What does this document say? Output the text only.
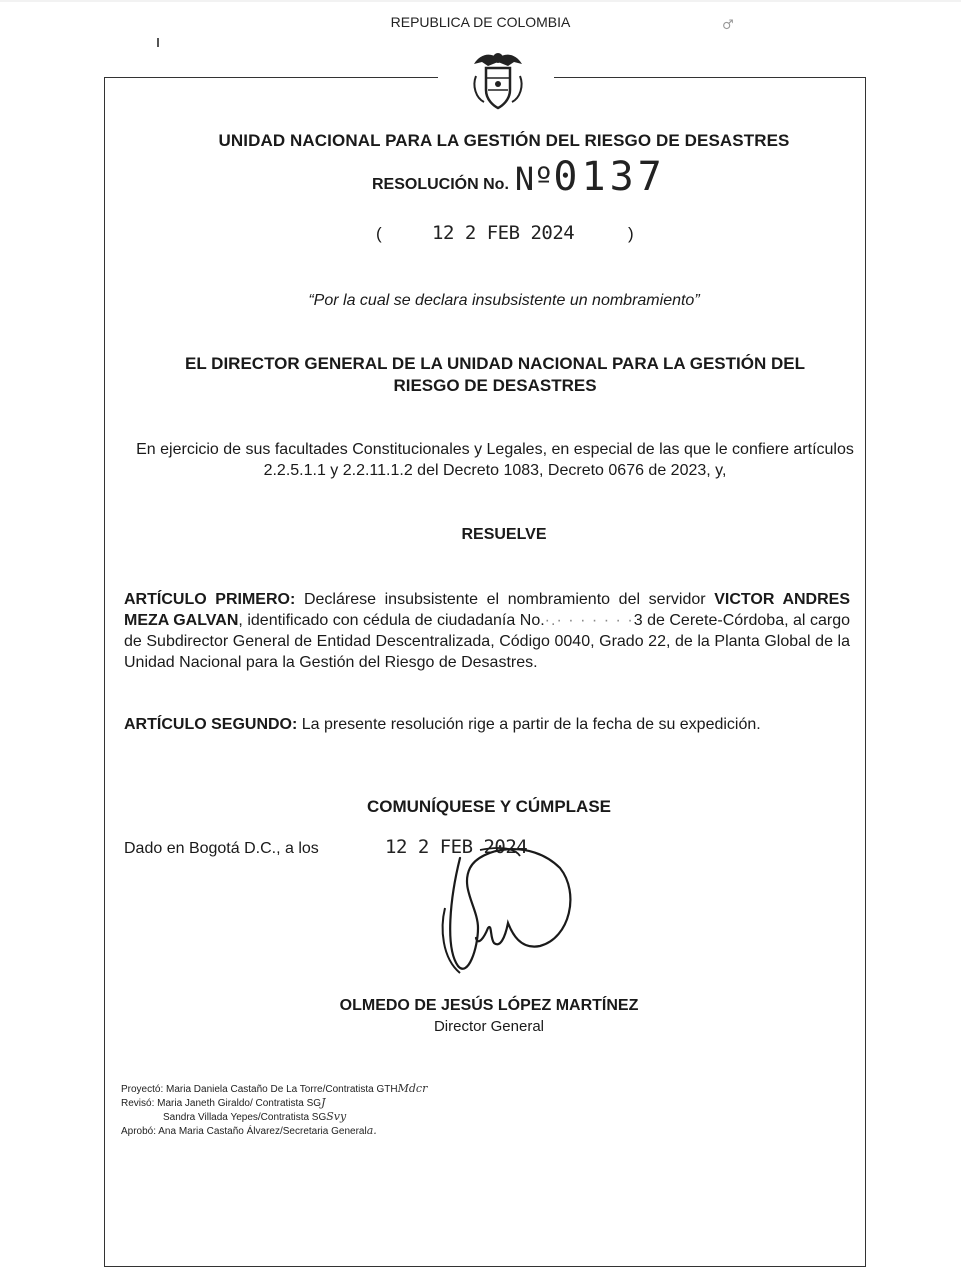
♂
REPUBLICA DE COLOMBIA
UNIDAD NACIONAL PARA LA GESTIÓN DEL RIESGO DE DESASTRES
RESOLUCIÓN No. Nº0137
(	12 2 FEB 2024	)
“Por la cual se declara insubsistente un nombramiento”
EL DIRECTOR GENERAL DE LA UNIDAD NACIONAL PARA LA GESTIÓN DEL
RIESGO DE DESASTRES
En ejercicio de sus facultades Constitucionales y Legales, en especial de las que le confiere artículos 2.2.5.1.1 y 2.2.11.1.2 del Decreto 1083, Decreto 0676 de 2023, y,
RESUELVE
ARTÍCULO PRIMERO: Declárese insubsistente el nombramiento del servidor VICTOR ANDRES MEZA GALVAN, identificado con cédula de ciudadanía No.·.· · · · · · ·3 de Cerete-Córdoba, al cargo de Subdirector General de Entidad Descentralizada, Código 0040, Grado 22, de la Planta Global de la Unidad Nacional para la Gestión del Riesgo de Desastres.
ARTÍCULO SEGUNDO: La presente resolución rige a partir de la fecha de su expedición.
COMUNÍQUESE Y CÚMPLASE
Dado en Bogotá D.C., a los	12 2 FEB 2024
OLMEDO DE JESÚS LÓPEZ MARTÍNEZ
Director General
Proyectó: Maria Daniela Castaño De La Torre/Contratista GTHMdcr
Revisó: Maria Janeth Giraldo/ Contratista SGJ
Sandra Villada Yepes/Contratista SGSvy
Aprobó: Ana Maria Castaño Álvarez/Secretaria Generala.
